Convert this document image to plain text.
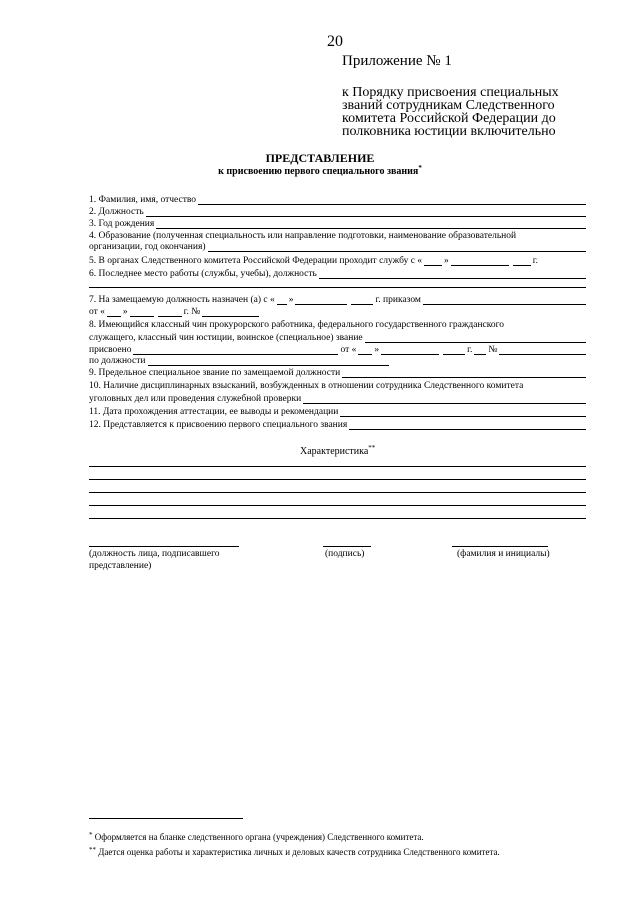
20
Приложение № 1
к Порядку присвоения специальных званий сотрудникам Следственного комитета Российской Федерации до полковника юстиции включительно
ПРЕДСТАВЛЕНИЕ
к присвоению первого специального звания*
1. Фамилия, имя, отчество
2. Должность
3. Год рождения
4. Образование (полученная специальность или направление подготовки, наименование образовательной
организации, год окончания)
5. В органах Следственного комитета Российской Федерации проходит службу с « »	г.
6. Последнее место работы (службы, учебы), должность
7. На замещаемую должность назначен (а) с « »	г. приказом
от « »	г. №
8. Имеющийся классный чин прокурорского работника, федерального государственного гражданского
служащего, классный чин юстиции, воинское (специальное) звание
присвоено	от « »	г. №
по должности
9. Предельное специальное звание по замещаемой должности
10. Наличие дисциплинарных взысканий, возбужденных в отношении сотрудника Следственного комитета
уголовных дел или проведения служебной проверки
11. Дата прохождения аттестации, ее выводы и рекомендации
12. Представляется к присвоению первого специального звания
Характеристика**
(должность лица, подписавшего представление)
(подпись)	(фамилия и инициалы)
* Оформляется на бланке следственного органа (учреждения) Следственного комитета.
** Дается оценка работы и характеристика личных и деловых качеств сотрудника Следственного комитета.
